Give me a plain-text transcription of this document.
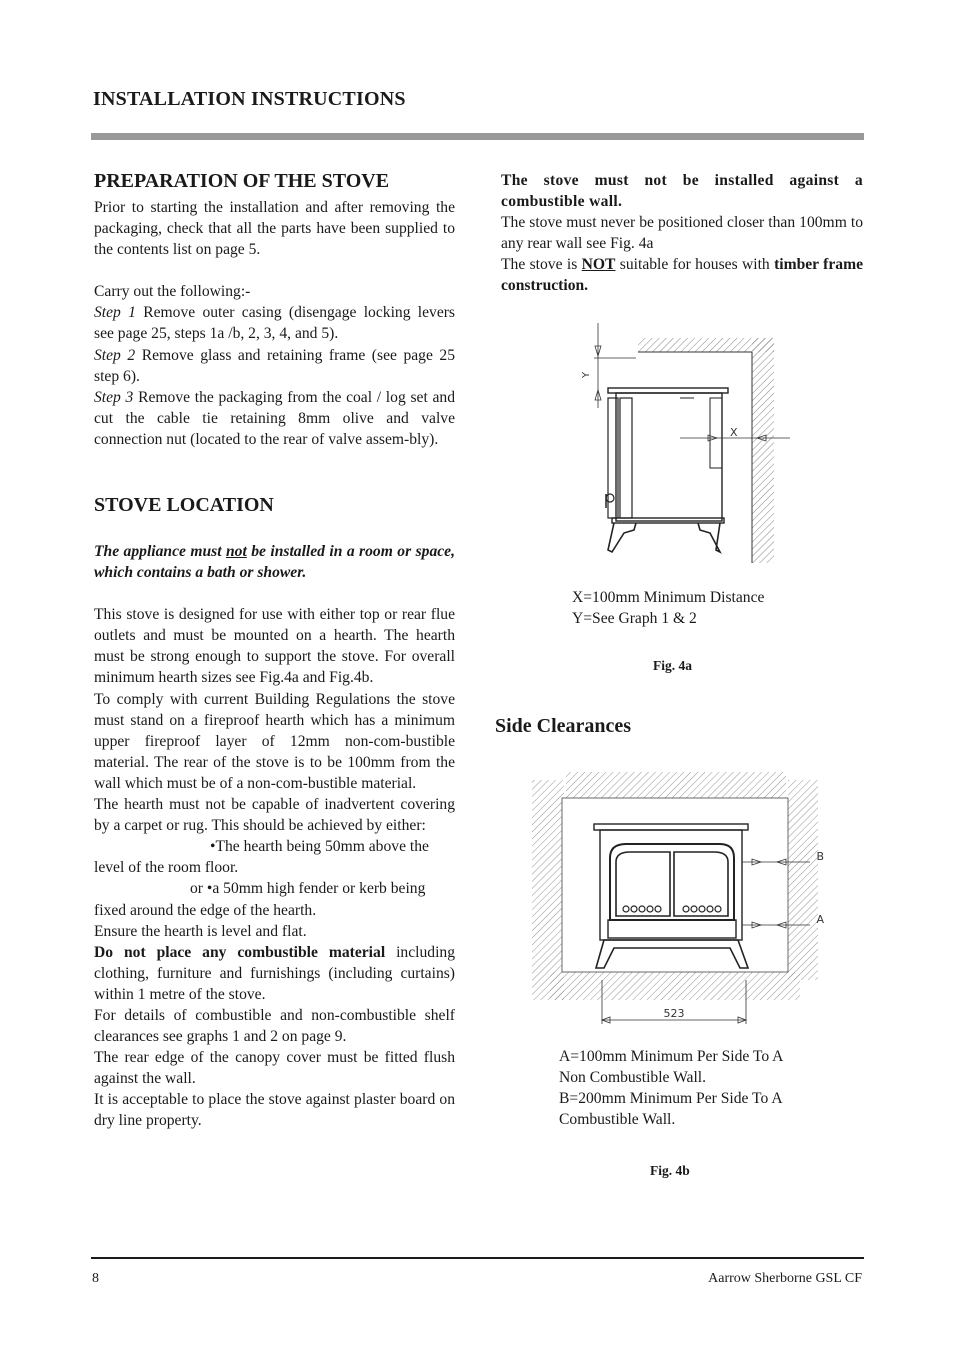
INSTALLATION INSTRUCTIONS
PREPARATION OF THE STOVE

Prior to starting the installation and after removing the packaging, check that all the parts have been supplied to the contents list on page 5.

Carry out the following:-

Step 1 Remove outer casing (disengage locking levers see page 25, steps 1a /b, 2, 3, 4, and 5).

Step 2 Remove glass and retaining frame (see page 25 step 6).

Step 3 Remove the packaging from the coal / log set and cut the cable tie retaining 8mm olive and valve connection nut (located to the rear of valve assem-bly).

STOVE LOCATION

The appliance must not be installed in a room or space, which contains a bath or shower.

This stove is designed for use with either top or rear flue outlets and must be mounted on a hearth. The hearth must be strong enough to support the stove. For overall minimum hearth sizes see Fig.4a and Fig.4b.

To comply with current Building Regulations the stove must stand on a fireproof hearth which has a minimum upper fireproof layer of 12mm non-com-bustible material. The rear of the stove is to be 100mm from the wall which must be of a non-com-bustible material.

The hearth must not be capable of inadvertent covering by a carpet or rug. This should be achieved by either:

•The hearth being 50mm above the

level of the room floor.

or •a 50mm high fender or kerb being

fixed around the edge of the hearth.

Ensure the hearth is level and flat.

Do not place any combustible material including clothing, furniture and furnishings (including curtains) within 1 metre of the stove.

For details of combustible and non-combustible shelf clearances see graphs 1 and 2 on page 9.

The rear edge of the canopy cover must be fitted flush against the wall.

It is acceptable to place the stove against plaster board on dry line property.

The stove must not be installed against a combustible wall.

The stove must never be positioned closer than 100mm to any rear wall see Fig. 4a

The stove is NOT suitable for houses with timber frame construction.

Y
X
X=100mm Minimum Distance
Y=See Graph 1 & 2
Fig. 4a
Side Clearances
B
A
523

A=100mm Minimum Per Side To A

Non Combustible Wall.

B=200mm Minimum Per Side To A

Combustible Wall.

Fig. 4b
8	Aarrow Sherborne GSL CF
